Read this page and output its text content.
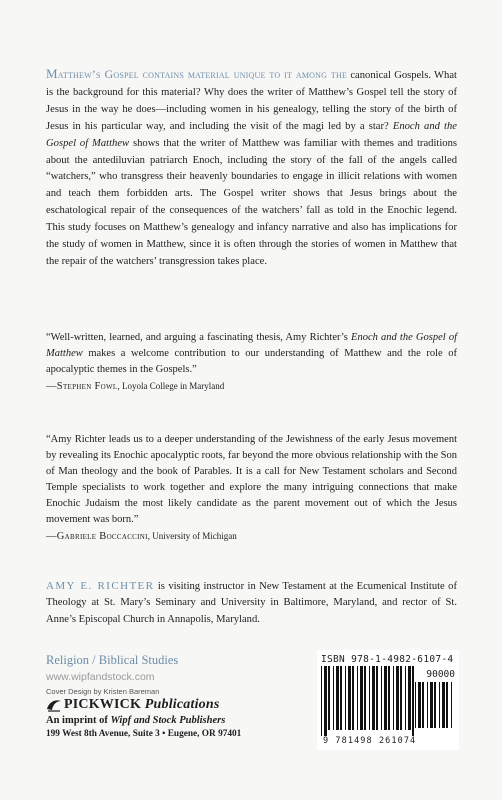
Matthew’s Gospel contains material unique to it among the canonical Gospels. What is the background for this material? Why does the writer of Matthew’s Gospel tell the story of Jesus in the way he does—including women in his genealogy, telling the story of the birth of Jesus in his particular way, and including the visit of the magi led by a star? Enoch and the Gospel of Matthew shows that the writer of Matthew was familiar with themes and traditions about the antediluvian patriarch Enoch, including the story of the fall of the angels called “watchers,” who transgress their heavenly boundaries to engage in illicit relations with women and teach them forbidden arts. The Gospel writer shows that Jesus brings about the eschatological repair of the consequences of the watchers’ fall as told in the Enochic legend. This study focuses on Matthew’s genealogy and infancy narrative and also has implications for the study of women in Matthew, since it is often through the stories of women in Matthew that the repair of the watchers’ transgression takes place.
“Well-written, learned, and arguing a fascinating thesis, Amy Richter’s Enoch and the Gospel of Matthew makes a welcome contribution to our understanding of Matthew and the role of apocalyptic themes in the Gospels.”
—Stephen Fowl, Loyola College in Maryland
“Amy Richter leads us to a deeper understanding of the Jewishness of the early Jesus movement by revealing its Enochic apocalyptic roots, far beyond the more obvious relationship with the Son of Man theology and the book of Parables. It is a call for New Testament scholars and Second Temple specialists to work together and explore the many intriguing connections that make Enochic Judaism the most likely candidate as the parent movement out of which the Jesus movement was born.”
—Gabriele Boccaccini, University of Michigan
AMY E. RICHTER is visiting instructor in New Testament at the Ecumenical Institute of Theology at St. Mary’s Seminary and University in Baltimore, Maryland, and rector of St. Anne’s Episcopal Church in Annapolis, Maryland.
Religion / Biblical Studies
www.wipfandstock.com
Cover Design by Kristen Bareman
PICKWICK Publications
An imprint of Wipf and Stock Publishers
199 West 8th Avenue, Suite 3 • Eugene, OR 97401
ISBN 978-1-4982-6107-4
90000
9 781498 261074
